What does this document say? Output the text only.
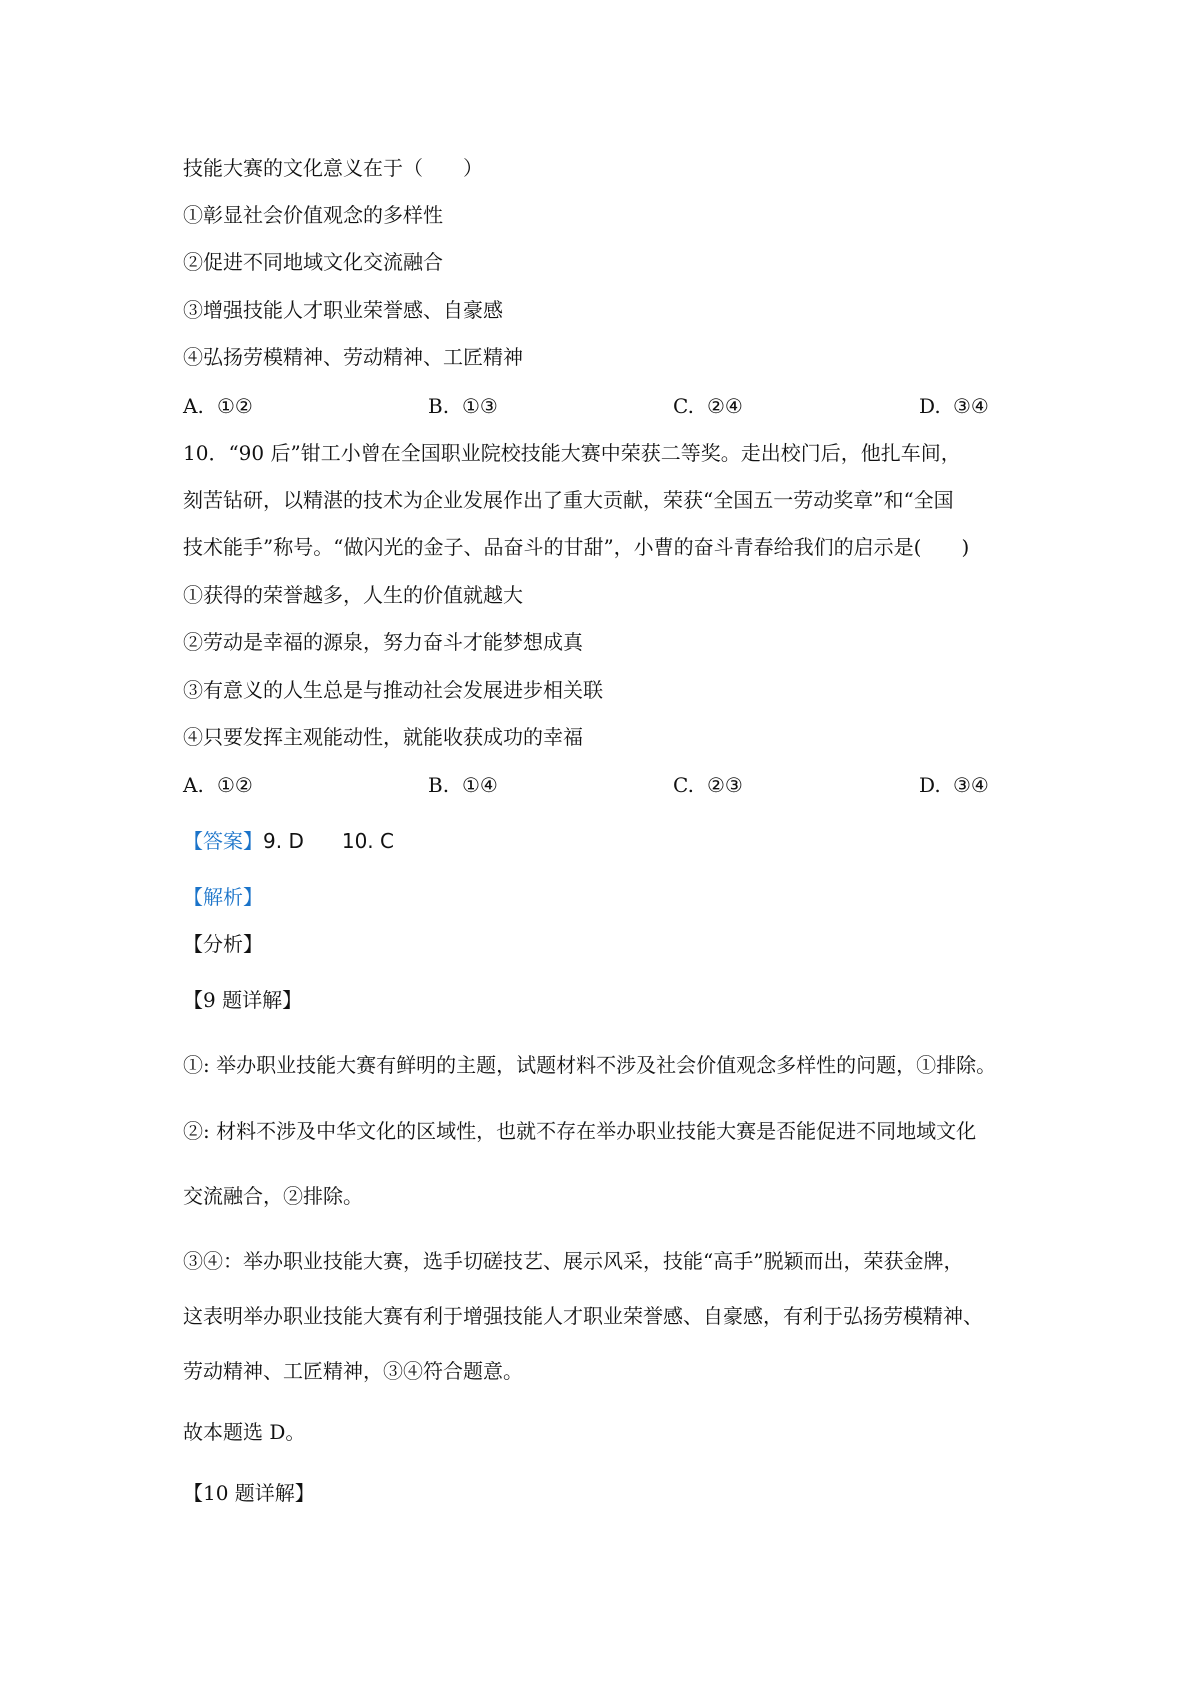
技能大赛的文化意义在于（　　）
①彰显社会价值观念的多样性
②促进不同地域文化交流融合
③增强技能人才职业荣誉感、自豪感
④弘扬劳模精神、劳动精神、工匠精神
A. ①②	B. ①③	C. ②④	D. ③④
10．“90 后”钳工小曾在全国职业院校技能大赛中荣获二等奖。走出校门后，他扎车间，
刻苦钻研，以精湛的技术为企业发展作出了重大贡献，荣获“全国五一劳动奖章”和“全国
技术能手”称号。“做闪光的金子、品奋斗的甘甜”，小曹的奋斗青春给我们的启示是(　　)
①获得的荣誉越多，人生的价值就越大
②劳动是幸福的源泉，努力奋斗才能梦想成真
③有意义的人生总是与推动社会发展进步相关联
④只要发挥主观能动性，就能收获成功的幸福
A. ①②	B. ①④	C. ②③	D. ③④
【答案】9. D 10. C
【解析】
【分析】
【9 题详解】
①: 举办职业技能大赛有鲜明的主题，试题材料不涉及社会价值观念多样性的问题，①排除。
②: 材料不涉及中华文化的区域性，也就不存在举办职业技能大赛是否能促进不同地域文化
交流融合，②排除。
③④：举办职业技能大赛，选手切磋技艺、展示风采，技能“高手”脱颖而出，荣获金牌，
这表明举办职业技能大赛有利于增强技能人才职业荣誉感、自豪感，有利于弘扬劳模精神、
劳动精神、工匠精神，③④符合题意。
故本题选 D。
【10 题详解】
